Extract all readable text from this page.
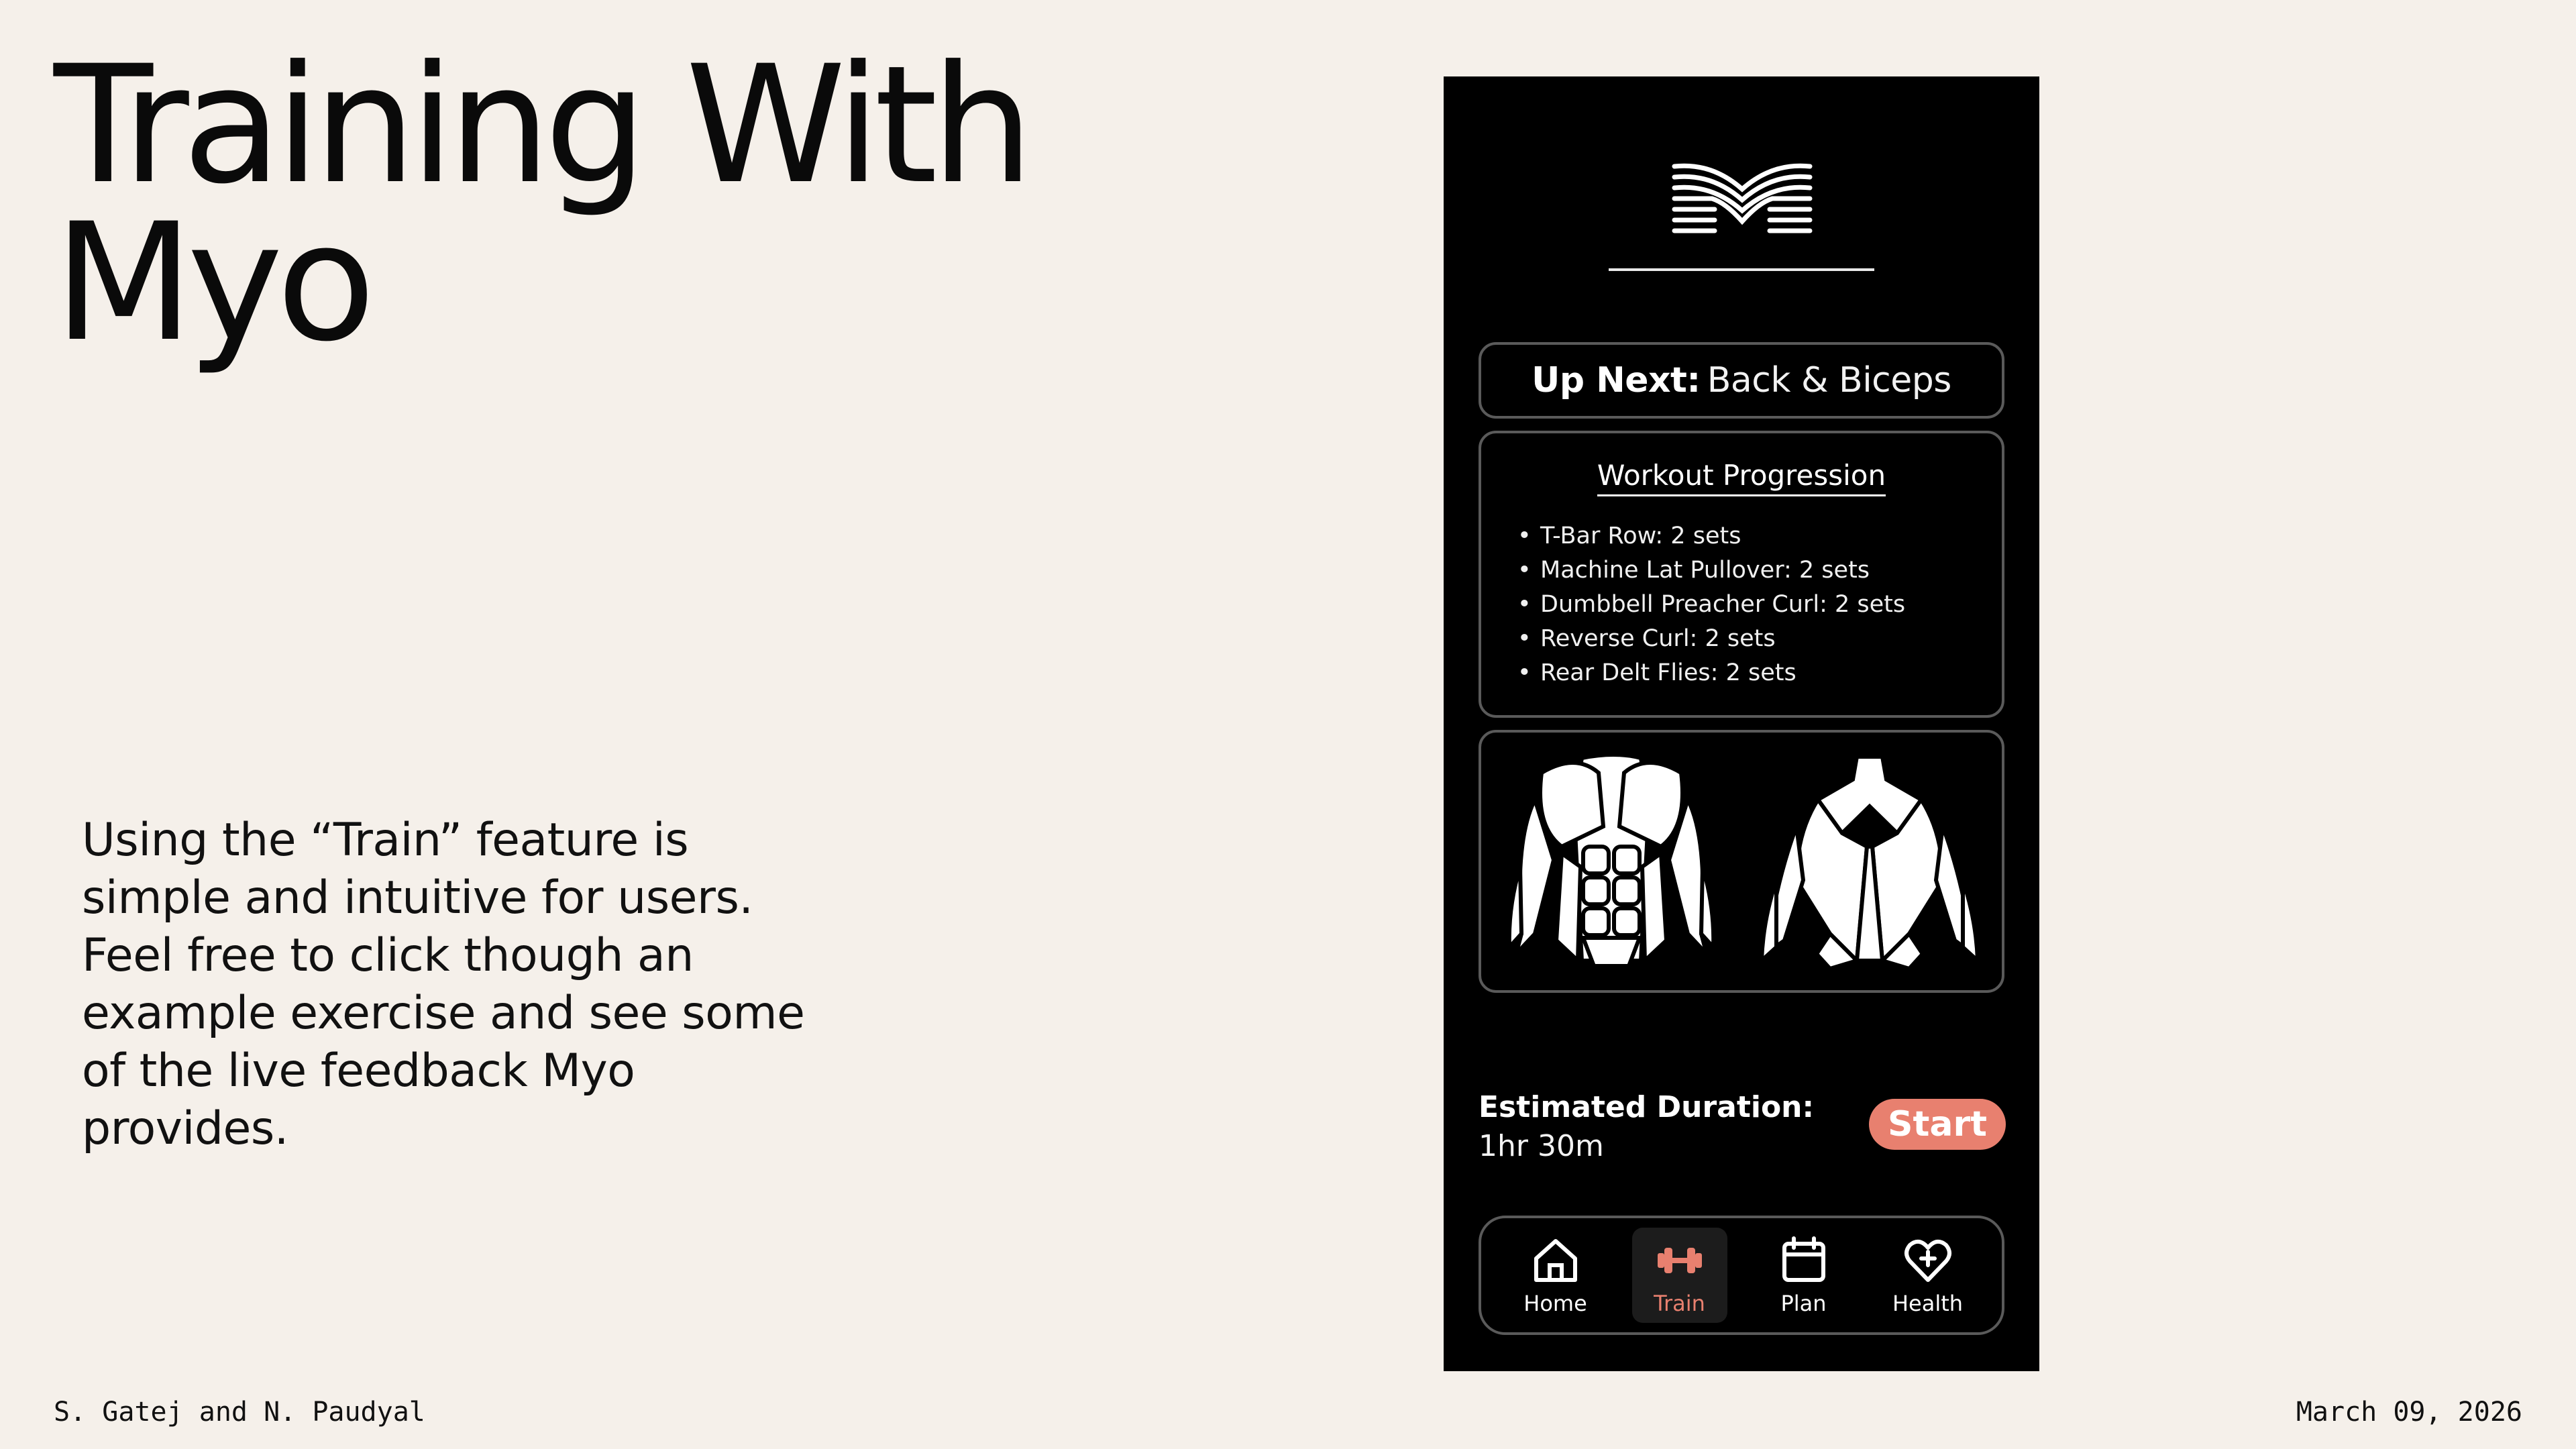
Training With
Myo

Using the “Train” feature is simple and intuitive for users. Feel free to click though an example exercise and see some of the live feedback Myo provides.

S. Gatej and N. Paudyal	March 09, 2026
Up Next : Back & Biceps
Workout Progression
• T-Bar Row: 2 sets
• Machine Lat Pullover: 2 sets
• Dumbbell Preacher Curl: 2 sets
• Reverse Curl: 2 sets
• Rear Delt Flies: 2 sets
Estimated Duration:
1hr 30m
Start
Home	Train	Plan	Health
